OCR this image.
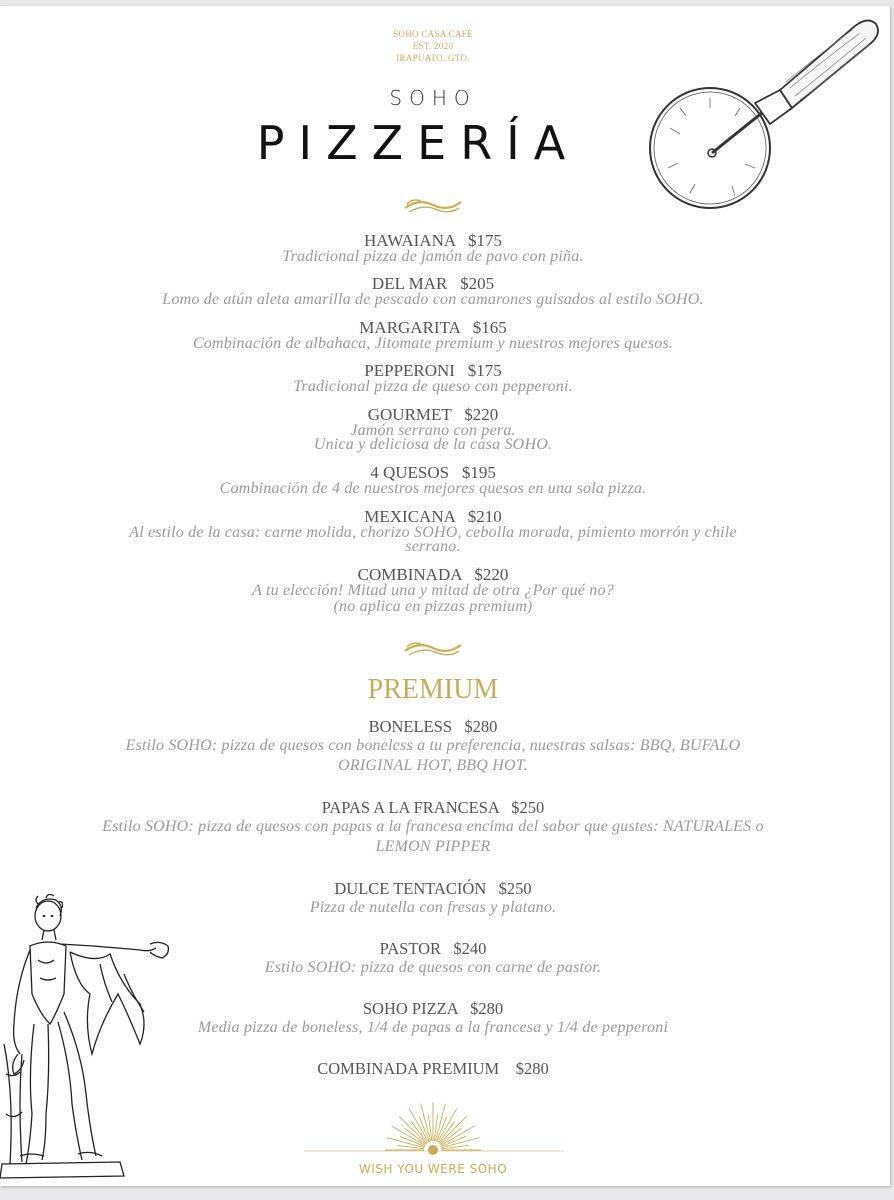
SOHO CASA CAFÉ
EST. 2020
IRAPUATO, GTO.
SOHO
PIZZERÍA
HAWAIANA $175
Tradicional pizza de jamón de pavo con piña.
DEL MAR $205
Lomo de atún aleta amarilla de pescado con camarones guisados al estilo SOHO.
MARGARITA $165
Combinación de albahaca, Jitomate premium y nuestros mejores quesos.
PEPPERONI $175
Tradicional pizza de queso con pepperoni.
GOURMET $220
Jamón serrano con pera.
Unica y deliciosa de la casa SOHO.
4 QUESOS $195
Combinación de 4 de nuestros mejores quesos en una sola pizza.
MEXICANA $210
Al estilo de la casa: carne molida, chorizo SOHO, cebolla morada, pimiento morrón y chile
serrano.
COMBINADA $220
A tu elección! Mitad una y mitad de otra ¿Por qué no?
(no aplica en pizzas premium)
PREMIUM
BONELESS $280
Estilo SOHO: pizza de quesos con boneless a tu preferencia, nuestras salsas: BBQ, BUFALO
ORIGINAL HOT, BBQ HOT.
PAPAS A LA FRANCESA $250
Estilo SOHO: pizza de quesos con papas a la francesa encima del sabor que gustes: NATURALES o
LEMON PIPPER
DULCE TENTACIÓN $250
Pizza de nutella con fresas y platano.
PASTOR $240
Estilo SOHO: pizza de quesos con carne de pastor.
SOHO PIZZA $280
Media pizza de boneless, 1/4 de papas a la francesa y 1/4 de pepperoni
COMBINADA PREMIUM $280
WISH YOU WERE SOHO
